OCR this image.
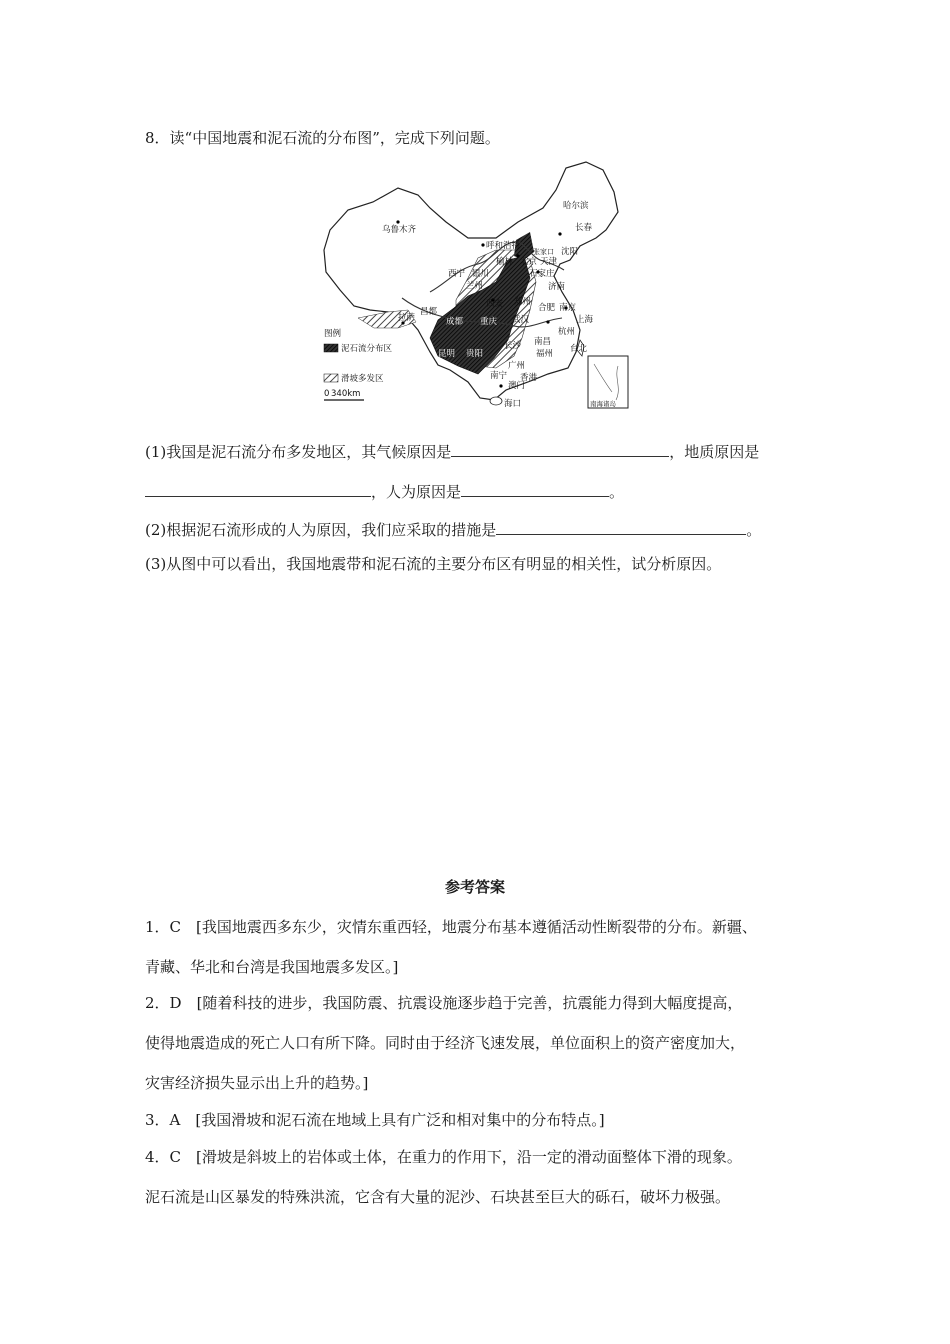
8．读“中国地震和泥石流的分布图”，完成下列问题。
南海诸岛
图例
泥石流分布区
滑坡多发区
0 340km
哈尔滨
长春
乌鲁木齐
呼和浩特
张家口 沈阳
榆林 北京 天津
西宁 银川	石家庄
兰州	济南
西安 郑州
合肥 南京
拉萨
昌都
成都 重庆 武汉	上海
杭州
长沙 南昌
昆明 贵阳	福州 台北
广州
南宁 香港
澳门
海口
(1)我国是泥石流分布多发地区，其气候原因是	，地质原因是
，人为原因是	。
(2)根据泥石流形成的人为原因，我们应采取的措施是	。
(3)从图中可以看出，我国地震带和泥石流的主要分布区有明显的相关性，试分析原因。
参考答案
1．C　[我国地震西多东少，灾情东重西轻，地震分布基本遵循活动性断裂带的分布。新疆、
青藏、华北和台湾是我国地震多发区。]
2．D　[随着科技的进步，我国防震、抗震设施逐步趋于完善，抗震能力得到大幅度提高，
使得地震造成的死亡人口有所下降。同时由于经济飞速发展，单位面积上的资产密度加大，
灾害经济损失显示出上升的趋势。]
3．A　[我国滑坡和泥石流在地域上具有广泛和相对集中的分布特点。]
4．C　[滑坡是斜坡上的岩体或土体，在重力的作用下，沿一定的滑动面整体下滑的现象。
泥石流是山区暴发的特殊洪流，它含有大量的泥沙、石块甚至巨大的砾石，破坏力极强。
